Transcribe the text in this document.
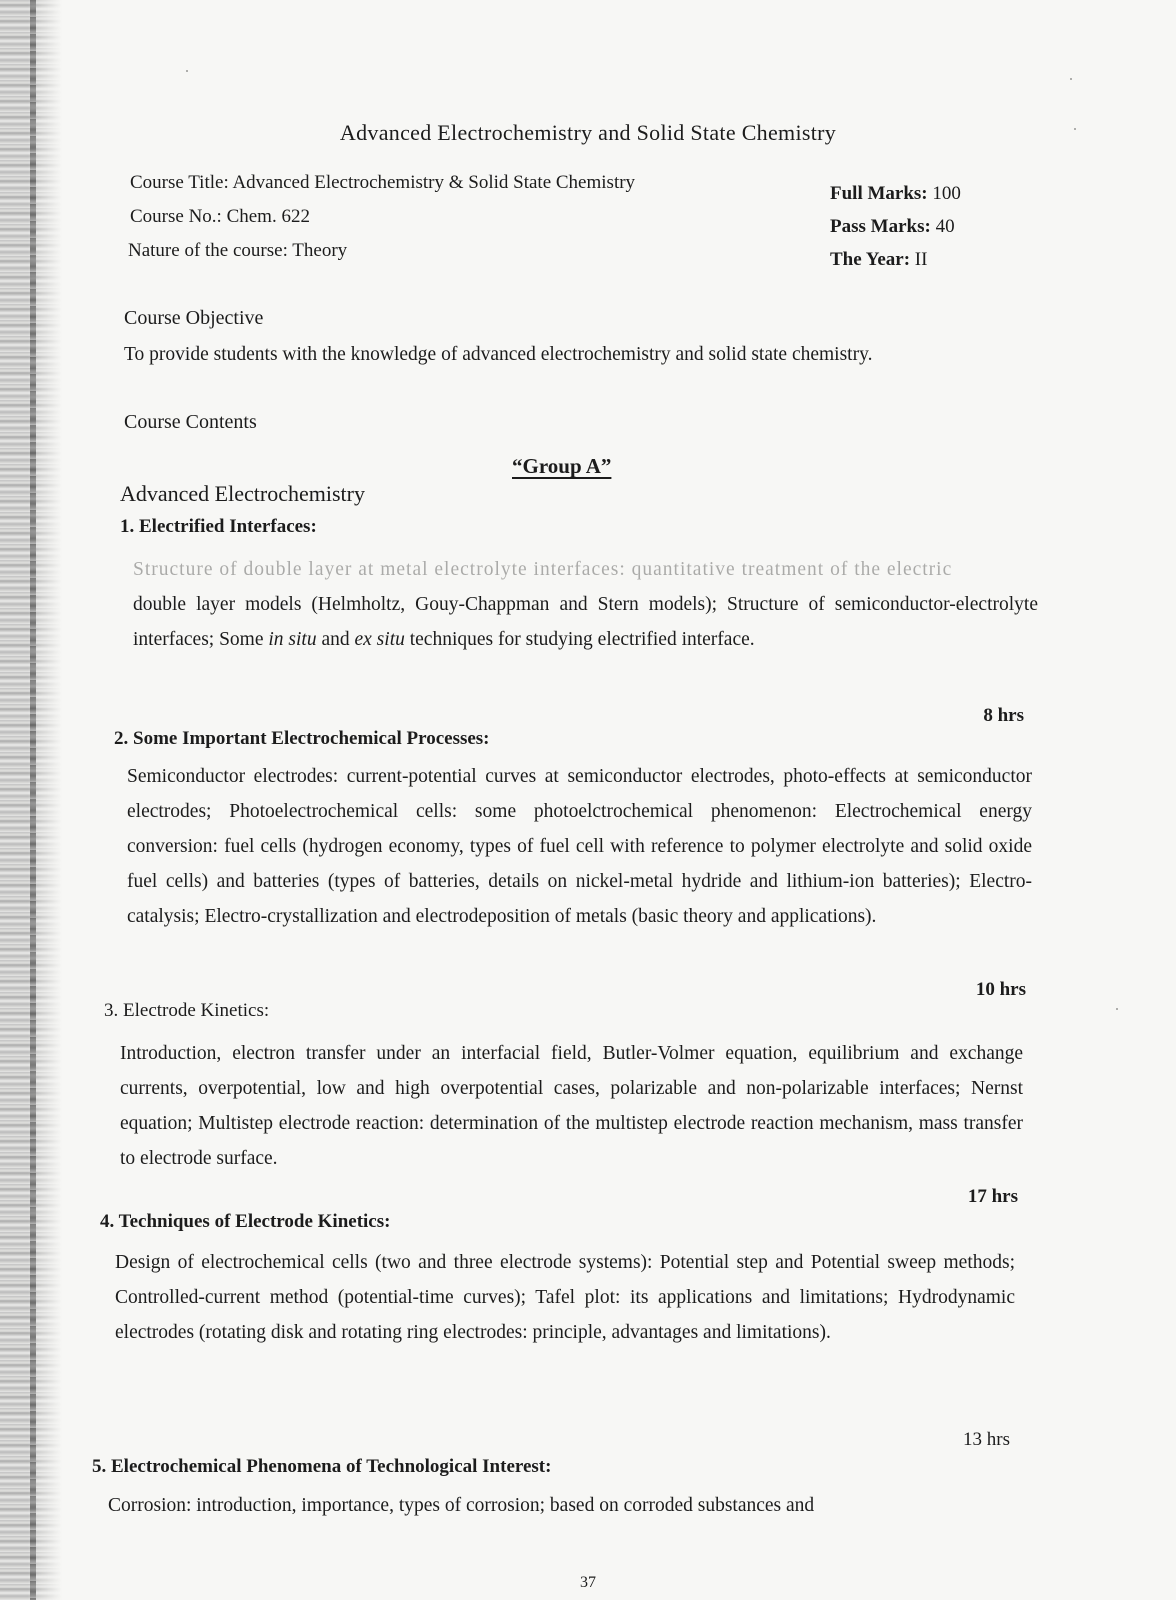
Advanced Electrochemistry and Solid State Chemistry
Course Title: Advanced Electrochemistry & Solid State Chemistry
Course No.: Chem. 622
Nature of the course: Theory
Full Marks: 100
Pass Marks: 40
The Year: II
Course Objective
To provide students with the knowledge of advanced electrochemistry and solid state chemistry.
Course Contents
“Group A”
Advanced Electrochemistry
1. Electrified Interfaces:
Structure of double layer at metal electrolyte interfaces: quantitative treatment of the electric
double layer models (Helmholtz, Gouy-Chappman and Stern models); Structure of semiconductor-electrolyte interfaces; Some in situ and ex situ techniques for studying electrified interface.
8 hrs
2. Some Important Electrochemical Processes:
Semiconductor electrodes: current-potential curves at semiconductor electrodes, photo-effects at semiconductor electrodes; Photoelectrochemical cells: some photoelctrochemical phenomenon: Electrochemical energy conversion: fuel cells (hydrogen economy, types of fuel cell with reference to polymer electrolyte and solid oxide fuel cells) and batteries (types of batteries, details on nickel-metal hydride and lithium-ion batteries); Electro-catalysis; Electro-crystallization and electrodeposition of metals (basic theory and applications).
10 hrs
3. Electrode Kinetics:
Introduction, electron transfer under an interfacial field, Butler-Volmer equation, equilibrium and exchange currents, overpotential, low and high overpotential cases, polarizable and non-polarizable interfaces; Nernst equation; Multistep electrode reaction: determination of the multistep electrode reaction mechanism, mass transfer to electrode surface.
17 hrs
4. Techniques of Electrode Kinetics:
Design of electrochemical cells (two and three electrode systems): Potential step and Potential sweep methods; Controlled-current method (potential-time curves); Tafel plot: its applications and limitations; Hydrodynamic electrodes (rotating disk and rotating ring electrodes: principle, advantages and limitations).
13 hrs
5. Electrochemical Phenomena of Technological Interest:
Corrosion: introduction, importance, types of corrosion; based on corroded substances and
37
